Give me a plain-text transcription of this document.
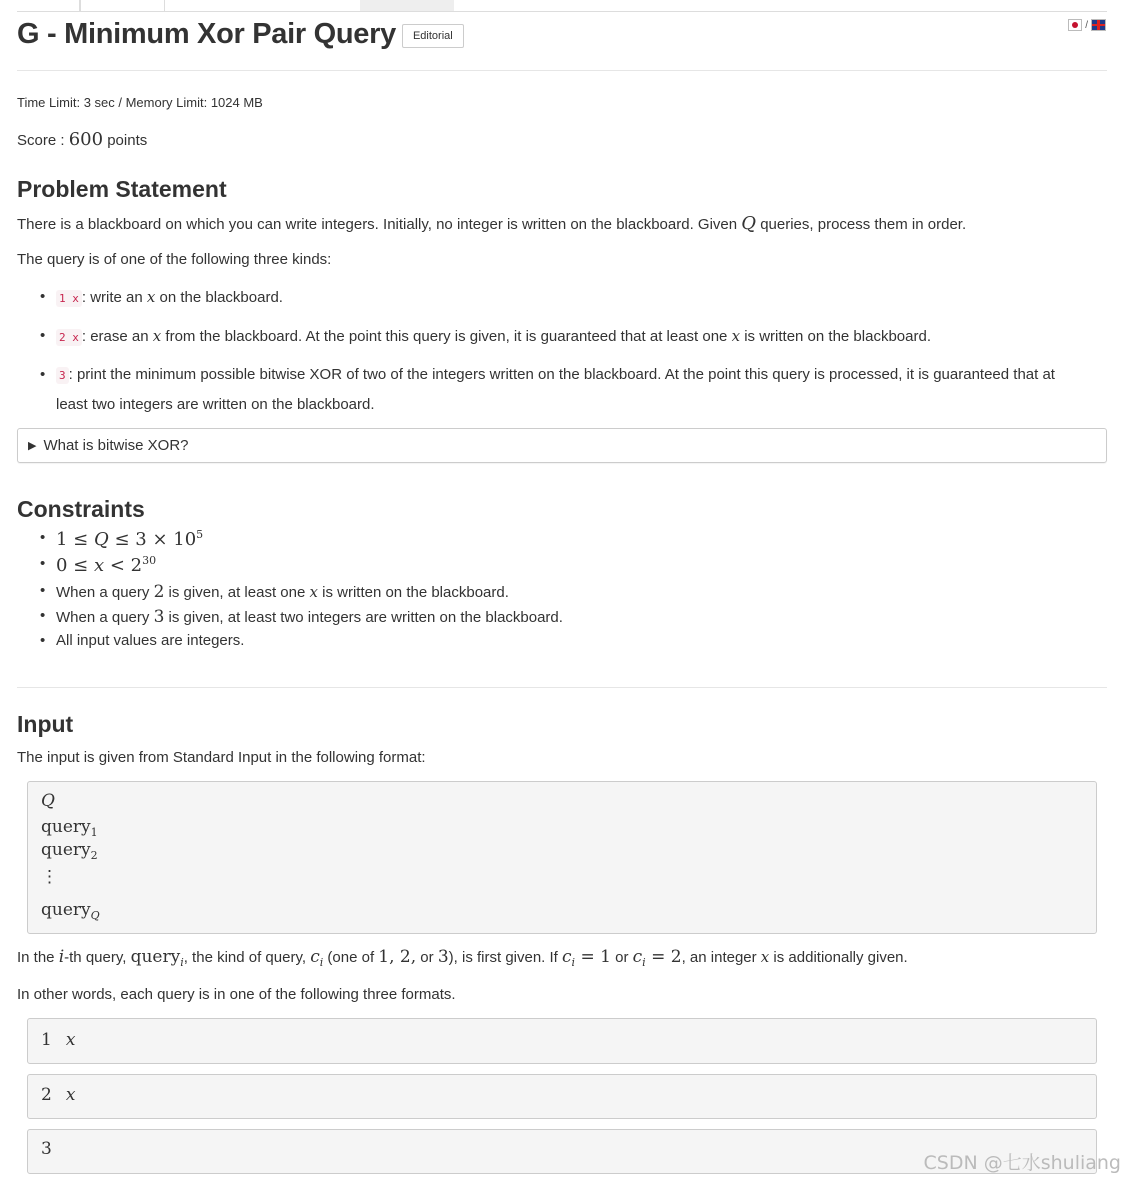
G - Minimum Xor Pair Query	Editorial
/
Time Limit: 3 sec / Memory Limit: 1024 MB
Score : 600 points
Problem Statement

There is a blackboard on which you can write integers. Initially, no integer is written on the blackboard. Given Q queries, process them in order.

The query is of one of the following three kinds:

•	1 x : write an x on the blackboard.
•	2 x : erase an x from the blackboard. At the point this query is given, it is guaranteed that at least one x is written on the blackboard.
•	3 : print the minimum possible bitwise XOR of two of the integers written on the blackboard. At the point this query is processed, it is guaranteed that at
least two integers are written on the blackboard.
▶ What is bitwise XOR?
Constraints
• $1 \le Q \le 3 \times 10^5$
• $0 \le x < 2^{30}$
• When a query 2 is given, at least one x is written on the blackboard.
• When a query 3 is given, at least two integers are written on the blackboard.
• All input values are integers.
Input

The input is given from Standard Input in the following format:

Q
query$_1$
query$_2$
⋮
query$_Q$

In the i-th query, query$_i$, the kind of query, $c_i$ (one of 1, 2, or 3), is first given. If $c_i = 1$ or $c_i = 2$, an integer x is additionally given.

In other words, each query is in one of the following three formats.

1 x
2 x
3
CSDN @七水shuliang
